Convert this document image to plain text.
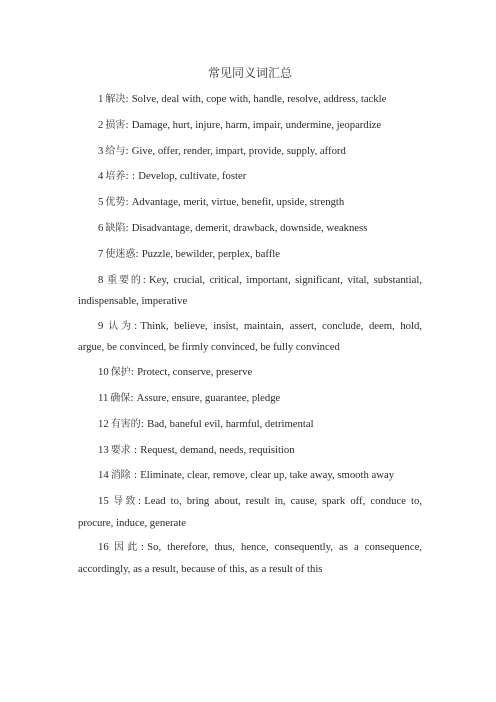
常见同义词汇总
1 解决: Solve, deal with, cope with, handle, resolve, address, tackle
2 损害: Damage, hurt, injure, harm, impair, undermine, jeopardize
3 给与: Give, offer, render, impart, provide, supply, afford
4 培养: : Develop, cultivate, foster
5 优势: Advantage, merit, virtue, benefit, upside, strength
6 缺陷: Disadvantage, demerit, drawback, downside, weakness
7 使迷惑: Puzzle, bewilder, perplex, baffle
8 重要的: Key, crucial, critical, important, significant, vital, substantial, indispensable, imperative
9 认为: Think, believe, insist, maintain, assert, conclude, deem, hold, argue, be convinced, be firmly convinced, be fully convinced
10 保护: Protect, conserve, preserve
11 确保: Assure, ensure, guarantee, pledge
12 有害的: Bad, baneful evil, harmful, detrimental
13 要求 : Request, demand, needs, requisition
14 消除 : Eliminate, clear, remove, clear up, take away, smooth away
15 导致: Lead to, bring about, result in, cause, spark off, conduce to, procure, induce, generate
16 因此: So, therefore, thus, hence, consequently, as a consequence, accordingly, as a result, because of this, as a result of this
